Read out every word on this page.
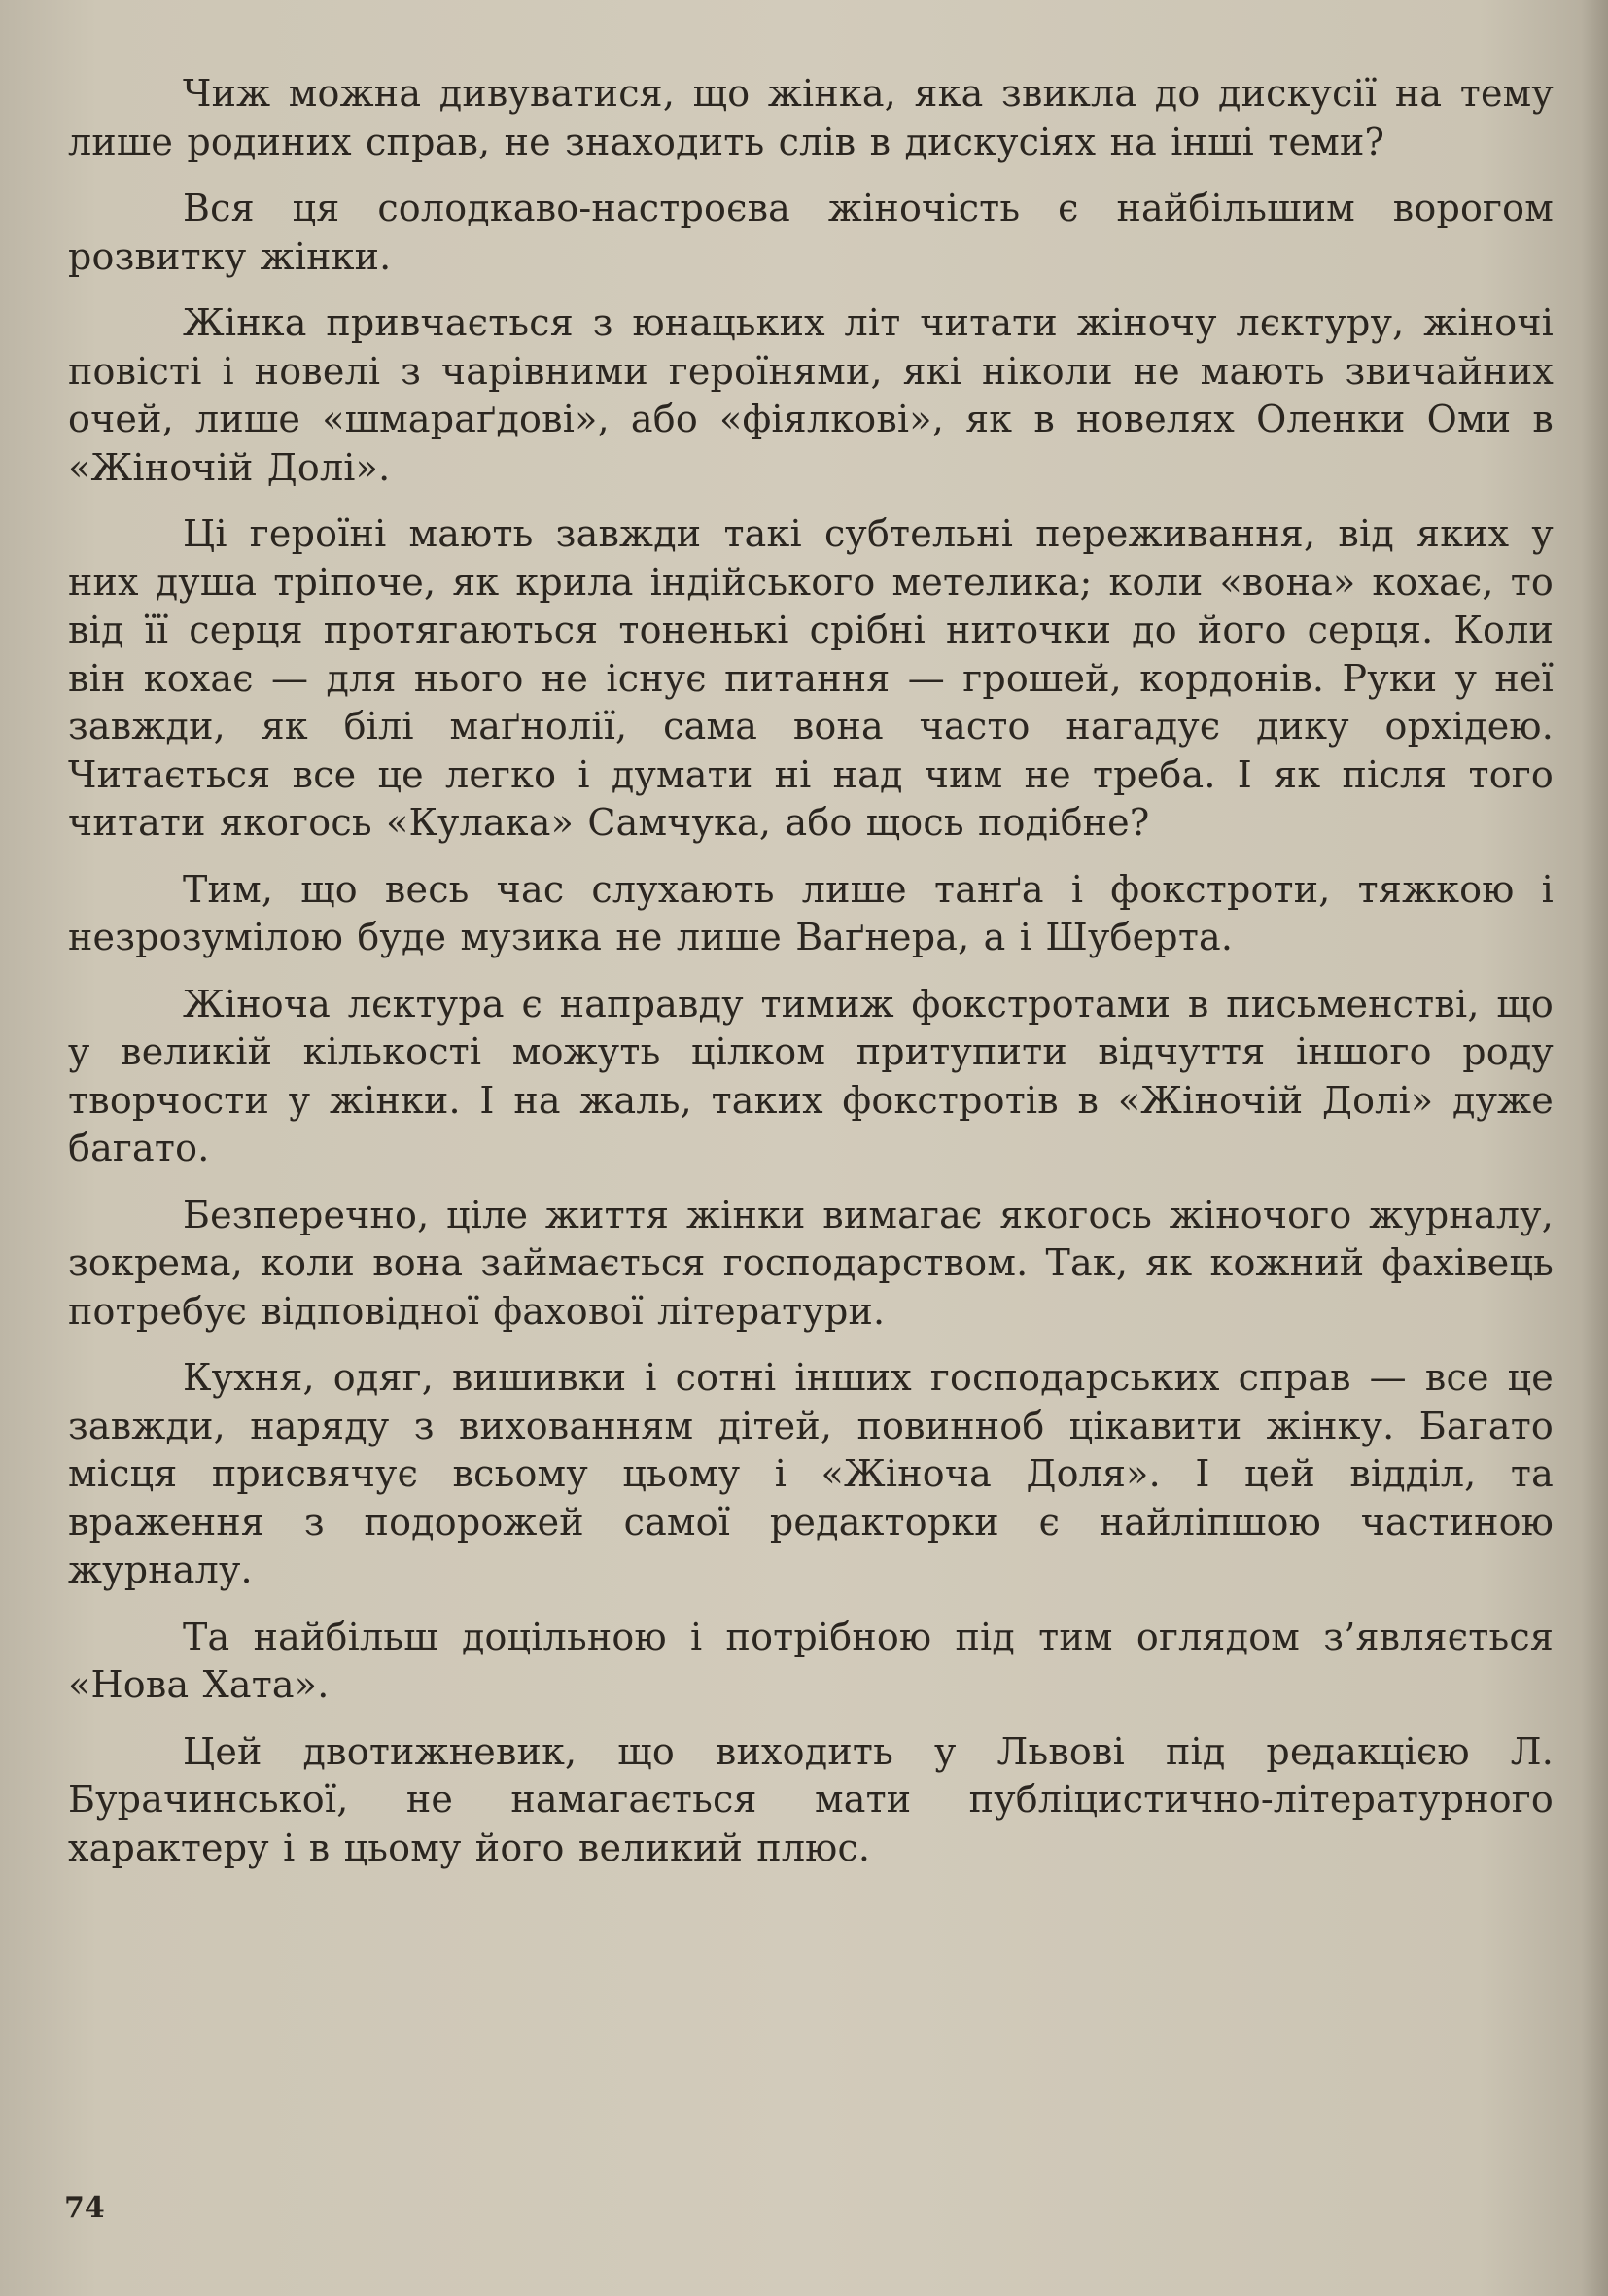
Чиж можна дивуватися, що жінка, яка звикла до дискусії на тему лише родиних справ, не знаходить слів в дискусіях на інші теми?

Вся ця солодкаво-настроєва жіночість є найбільшим ворогом розвитку жінки.

Жінка привчається з юнацьких літ читати жіночу лєктуру, жіночі повісті і новелі з чарівними героїнями, які ніколи не мають звичайних очей, лише «шмараґдові», або «фіялкові», як в новелях Оленки Оми в «Жіночій Долі».

Ці героїні мають завжди такі субтельні переживання, від яких у них душа тріпоче, як крила індійського метелика; коли «вона» кохає, то від її серця протягаються тоненькі срібні ниточки до його серця. Коли він кохає — для нього не існує питання — грошей, кордонів. Руки у неї завжди, як білі маґнолії, сама вона часто нагадує дику орхідею. Читається все це легко і думати ні над чим не треба. І як після того читати якогось «Кулака» Самчука, або щось подібне?

Тим, що весь час слухають лише танґа і фокстроти, тяжкою і незрозумілою буде музика не лише Ваґнера, а і Шуберта.

Жіноча лєктура є направду тимиж фокстротами в письменстві, що у великій кількості можуть цілком притупити відчуття іншого роду творчости у жінки. І на жаль, таких фокстротів в «Жіночій Долі» дуже багато.

Безперечно, ціле життя жінки вимагає якогось жіночого журналу, зокрема, коли вона займається господарством. Так, як кожний фахівець потребує відповідної фахової літератури.

Кухня, одяг, вишивки і сотні інших господарських справ — все це завжди, наряду з вихованням дітей, повинноб цікавити жінку. Багато місця присвячує всьому цьому і «Жіноча Доля». І цей відділ, та враження з подорожей самої редакторки є найліпшою частиною журналу.

Та найбільш доцільною і потрібною під тим оглядом з’являється «Нова Хата».

Цей двотижневик, що виходить у Львові під редакцією Л. Бурачинської, не намагається мати публіцистично-літературного характеру і в цьому його великий плюс.

74
